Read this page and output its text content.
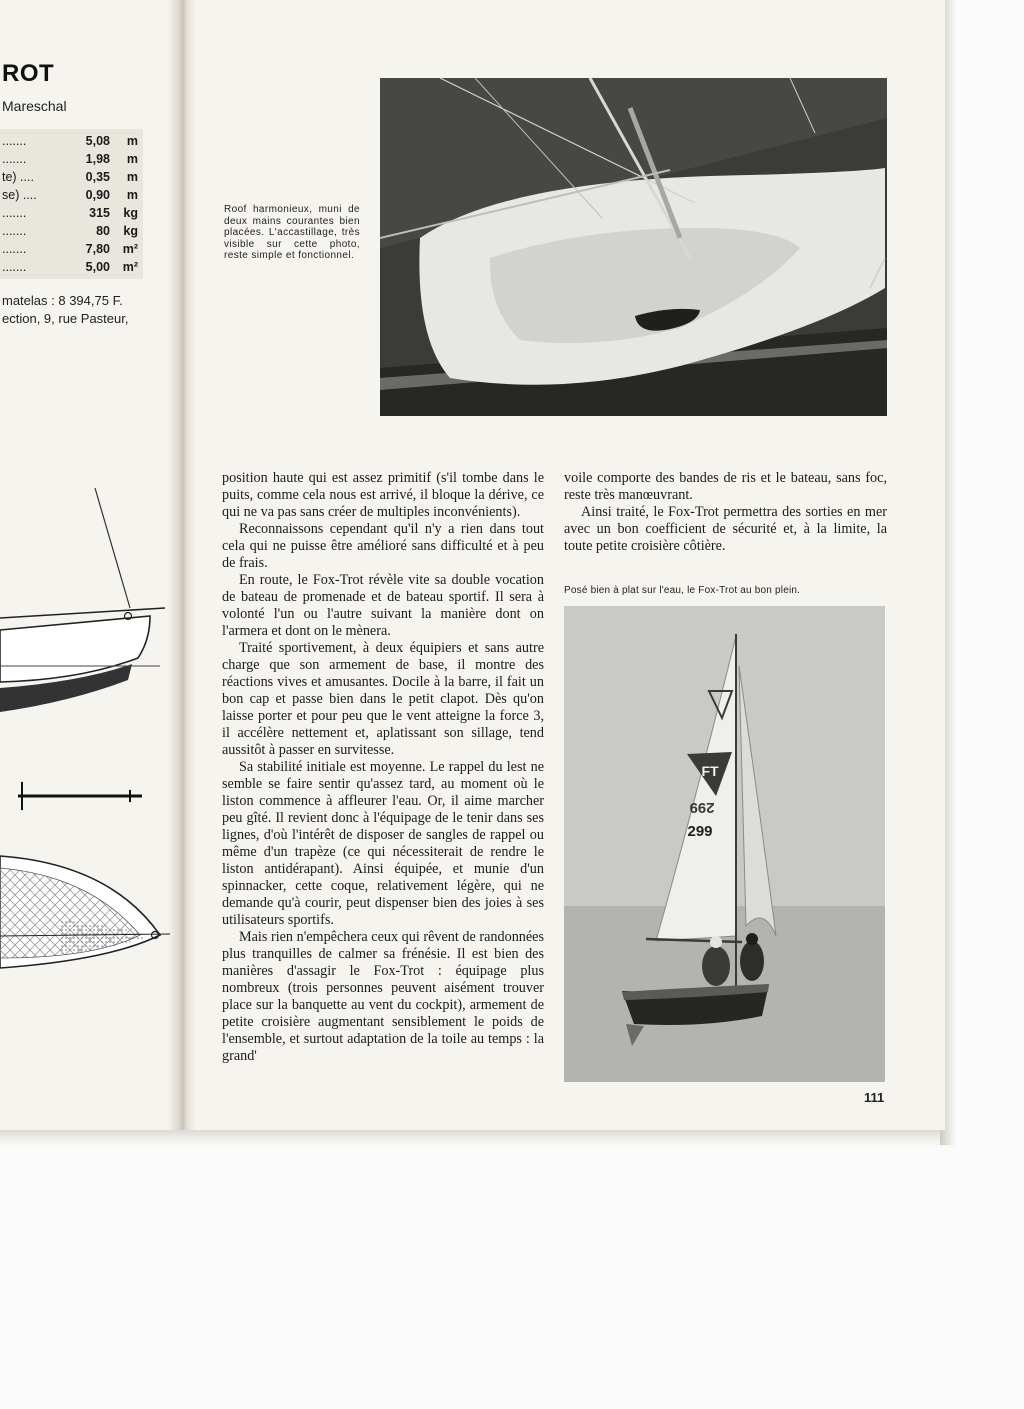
ROT

Mareschal

.......	5,08 m
.......	1,98 m
te) ....	0,35 m
se) ....	0,90 m
.......	315 kg
.......	80 kg
.......	7,80 m²
.......	5,00 m²

matelas : 8 394,75 F.

ection, 9, rue Pasteur,

Roof harmonieux, muni de deux mains courantes bien placées. L'accastillage, très visible sur cette photo, reste simple et fonctionnel.

position haute qui est assez primitif (s'il tombe dans le puits, comme cela nous est arrivé, il bloque la dérive, ce qui ne va pas sans créer de multiples inconvénients).

Reconnaissons cependant qu'il n'y a rien dans tout cela qui ne puisse être amélioré sans difficulté et à peu de frais.

En route, le Fox-Trot révèle vite sa double vocation de bateau de promenade et de bateau sportif. Il sera à volonté l'un ou l'autre suivant la manière dont on l'armera et dont on le mènera.

Traité sportivement, à deux équipiers et sans autre charge que son armement de base, il montre des réactions vives et amusantes. Docile à la barre, il fait un bon cap et passe bien dans le petit clapot. Dès qu'on laisse porter et pour peu que le vent atteigne la force 3, il accélère nettement et, aplatissant son sillage, tend aussitôt à passer en survitesse.

Sa stabilité initiale est moyenne. Le rappel du lest ne semble se faire sentir qu'assez tard, au moment où le liston commence à affleurer l'eau. Or, il aime marcher peu gîté. Il revient donc à l'équipage de le tenir dans ses lignes, d'où l'intérêt de disposer de sangles de rappel ou même d'un trapèze (ce qui nécessiterait de rendre le liston antidérapant). Ainsi équipée, et munie d'un spinnacker, cette coque, relativement légère, qui ne demande qu'à courir, peut dispenser bien des joies à ses utilisateurs sportifs.

Mais rien n'empêchera ceux qui rêvent de randonnées plus tranquilles de calmer sa frénésie. Il est bien des manières d'assagir le Fox-Trot : équipage plus nombreux (trois personnes peuvent aisément trouver place sur la banquette au vent du cockpit), armement de petite croisière augmentant sensiblement le poids de l'ensemble, et surtout adaptation de la toile au temps : la grand'

voile comporte des bandes de ris et le bateau, sans foc, reste très manœuvrant.

Ainsi traité, le Fox-Trot permettra des sorties en mer avec un bon coefficient de sécurité et, à la limite, la toute petite croisière côtière.

Posé bien à plat sur l'eau, le Fox-Trot au bon plein.

FT
299
299

111
